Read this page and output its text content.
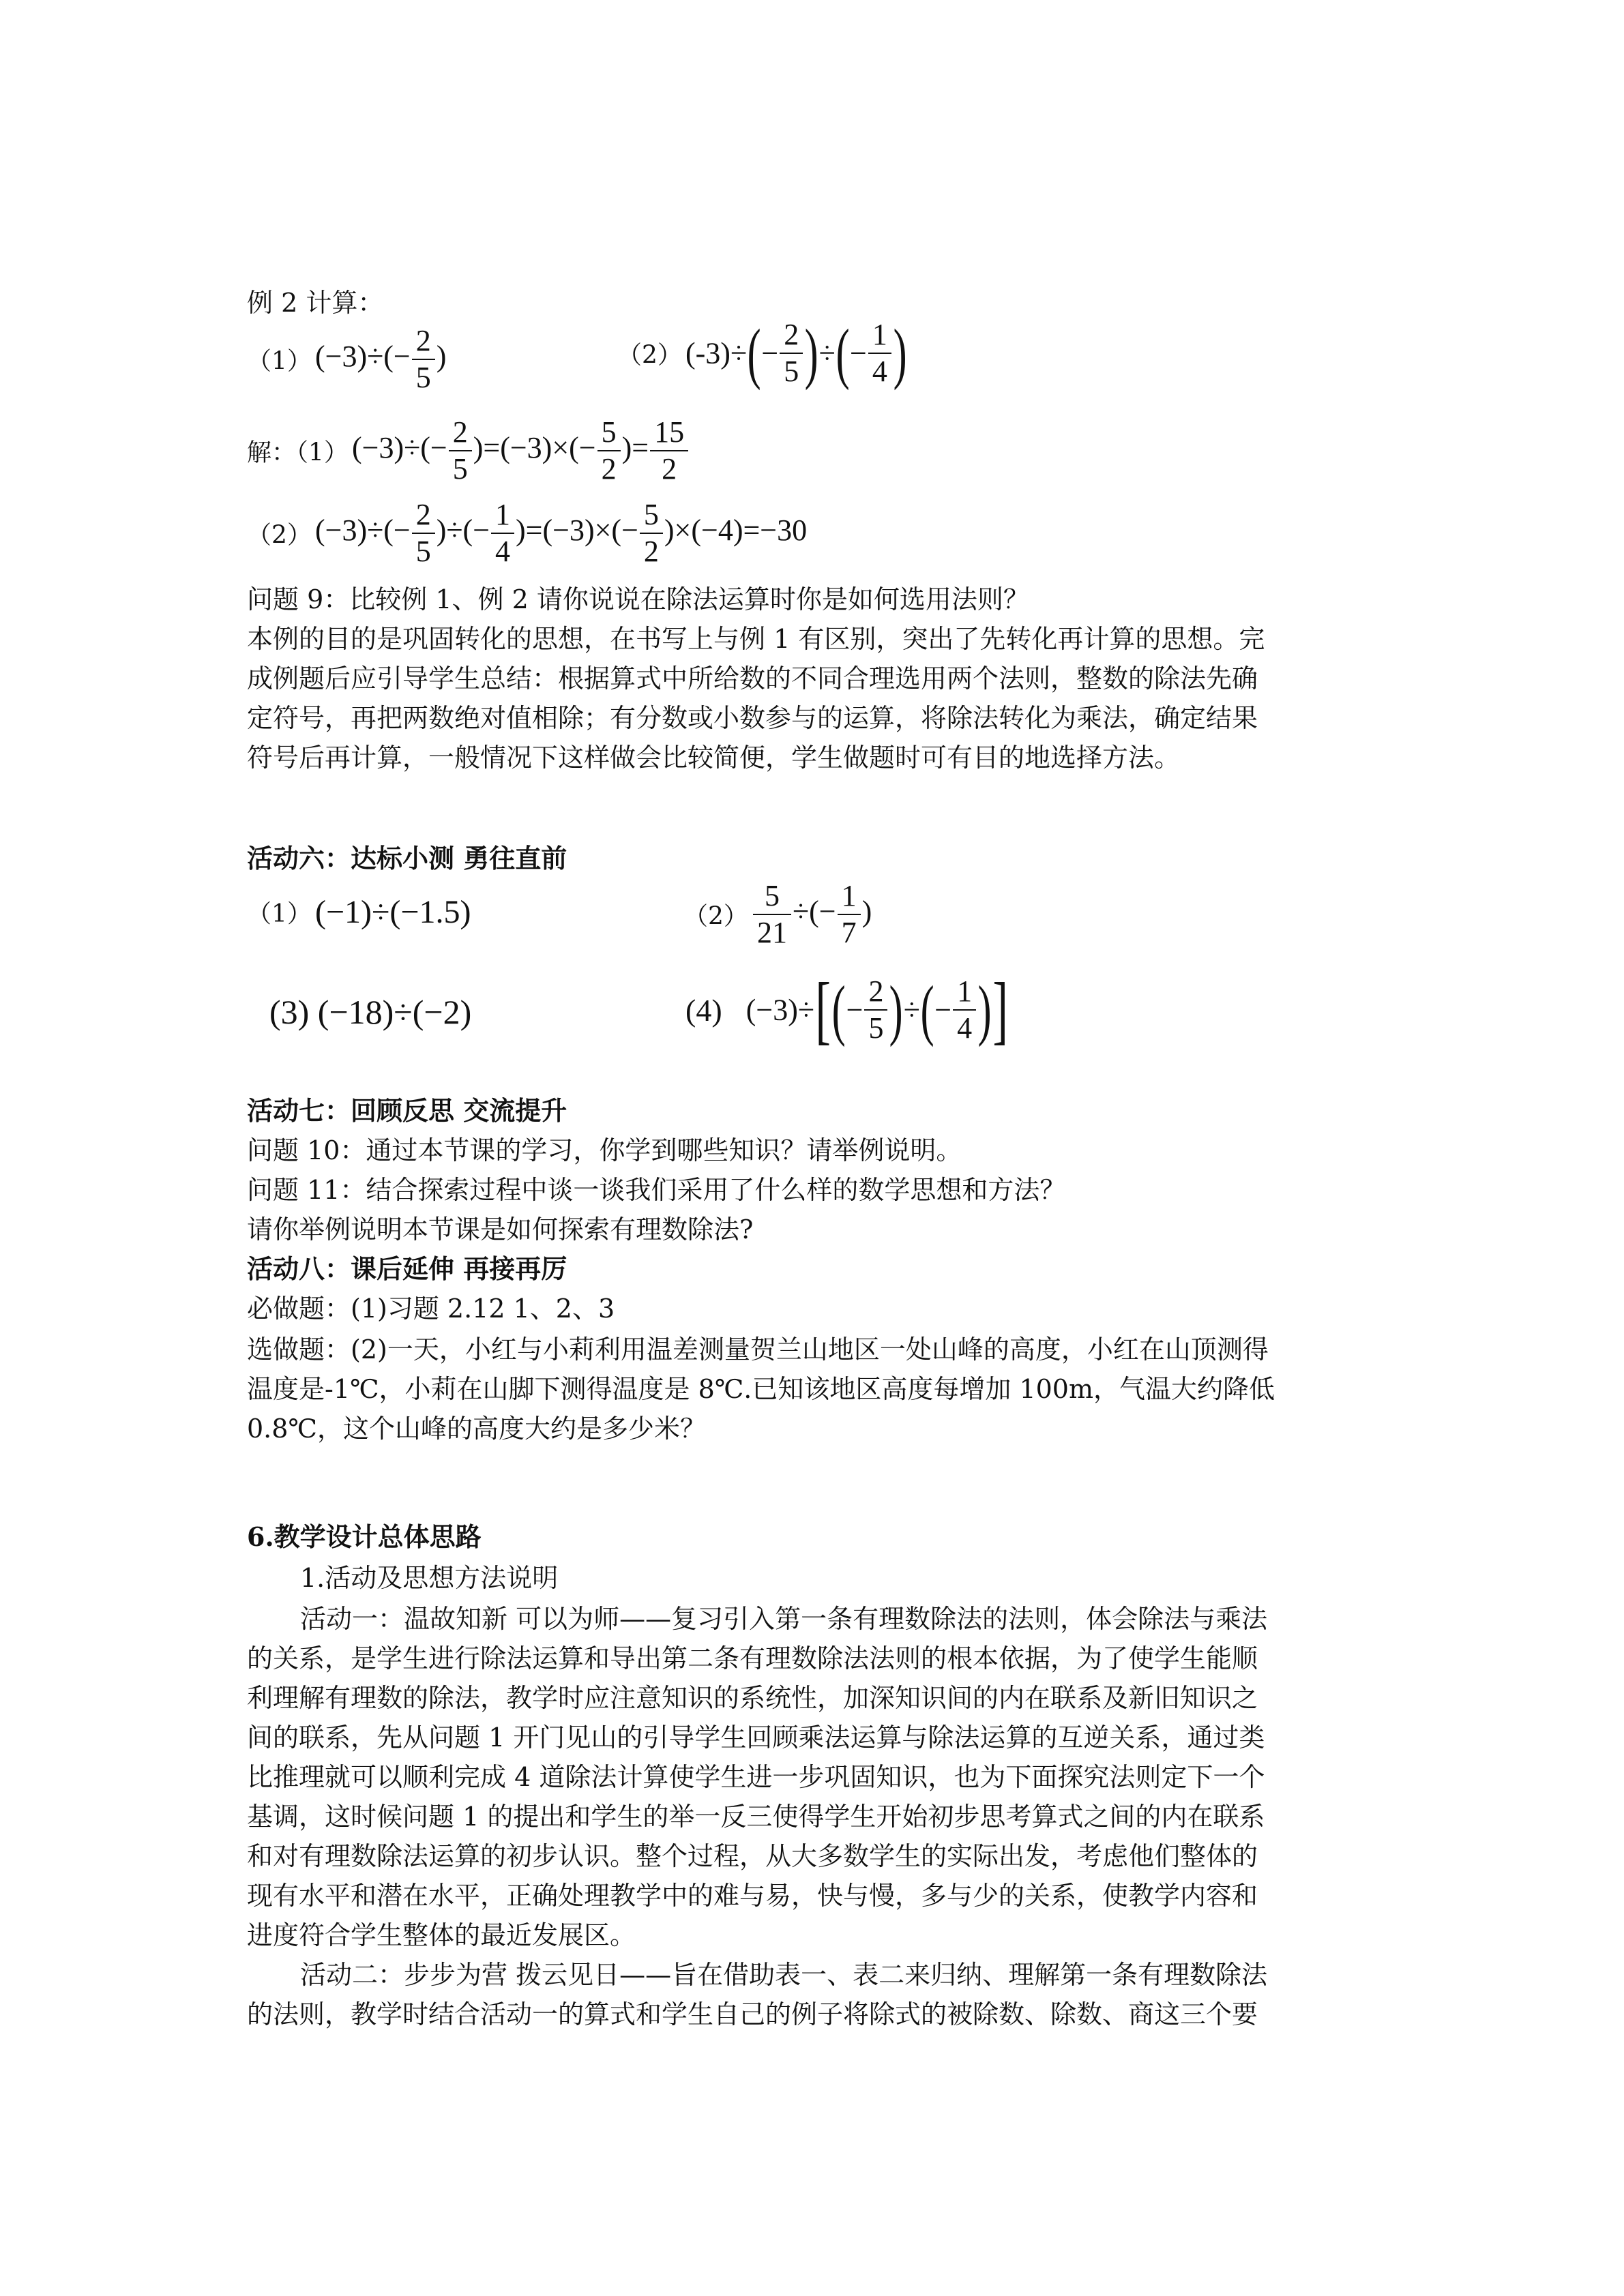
例 2 计算：
（1） $(-3)\div(- \frac{2}{5}$ )	（2） $(-3)\div(- \frac{2}{5}$ )÷(− $\frac{1}{4}$ )
解：（1） $(-3)\div(- \frac{2}{5} )=(-3)\times(- \frac{5}{2}$ )= $\frac{15}{2}$
（2） $(-3)\div(- \frac{2}{5}$ )÷(− $\frac{1}{4} )=(-3)\times(- \frac{5}{2} )\times(-4)=-30$
问题 9：比较例 1、例 2 请你说说在除法运算时你是如何选用法则？
本例的目的是巩固转化的思想，在书写上与例 1 有区别，突出了先转化再计算的思想。完
成例题后应引导学生总结：根据算式中所给数的不同合理选用两个法则，整数的除法先确
定符号，再把两数绝对值相除；有分数或小数参与的运算，将除法转化为乘法，确定结果
符号后再计算，一般情况下这样做会比较简便，学生做题时可有目的地选择方法。
活动六：达标小测 勇往直前
（1） (−1)÷(−1.5)	$(2) \frac{5}{21}$ ÷(− $\frac{1}{7}$ )
(3) (−18)÷(−2)	(4) $(-3)\div[(- \frac{2}{5}$ )÷(− $\frac{1}{4}$ )]
活动七：回顾反思 交流提升
问题 10：通过本节课的学习，你学到哪些知识？请举例说明。
问题 11：结合探索过程中谈一谈我们采用了什么样的数学思想和方法？
请你举例说明本节课是如何探索有理数除法?
活动八：课后延伸 再接再厉
必做题：(1)习题 2.12 1、2、3
选做题：(2)一天，小红与小莉利用温差测量贺兰山地区一处山峰的高度，小红在山顶测得
温度是-1℃，小莉在山脚下测得温度是 8℃.已知该地区高度每增加 100m，气温大约降低
0.8℃，这个山峰的高度大约是多少米？
6.教学设计总体思路
1.活动及思想方法说明
活动一：温故知新 可以为师——复习引入第一条有理数除法的法则，体会除法与乘法
的关系，是学生进行除法运算和导出第二条有理数除法法则的根本依据，为了使学生能顺
利理解有理数的除法，教学时应注意知识的系统性，加深知识间的内在联系及新旧知识之
间的联系，先从问题 1 开门见山的引导学生回顾乘法运算与除法运算的互逆关系，通过类
比推理就可以顺利完成 4 道除法计算使学生进一步巩固知识，也为下面探究法则定下一个
基调，这时候问题 1 的提出和学生的举一反三使得学生开始初步思考算式之间的内在联系
和对有理数除法运算的初步认识。整个过程，从大多数学生的实际出发，考虑他们整体的
现有水平和潜在水平，正确处理教学中的难与易，快与慢，多与少的关系，使教学内容和
进度符合学生整体的最近发展区。
活动二：步步为营 拨云见日——旨在借助表一、表二来归纳、理解第一条有理数除法
的法则，教学时结合活动一的算式和学生自己的例子将除式的被除数、除数、商这三个要
